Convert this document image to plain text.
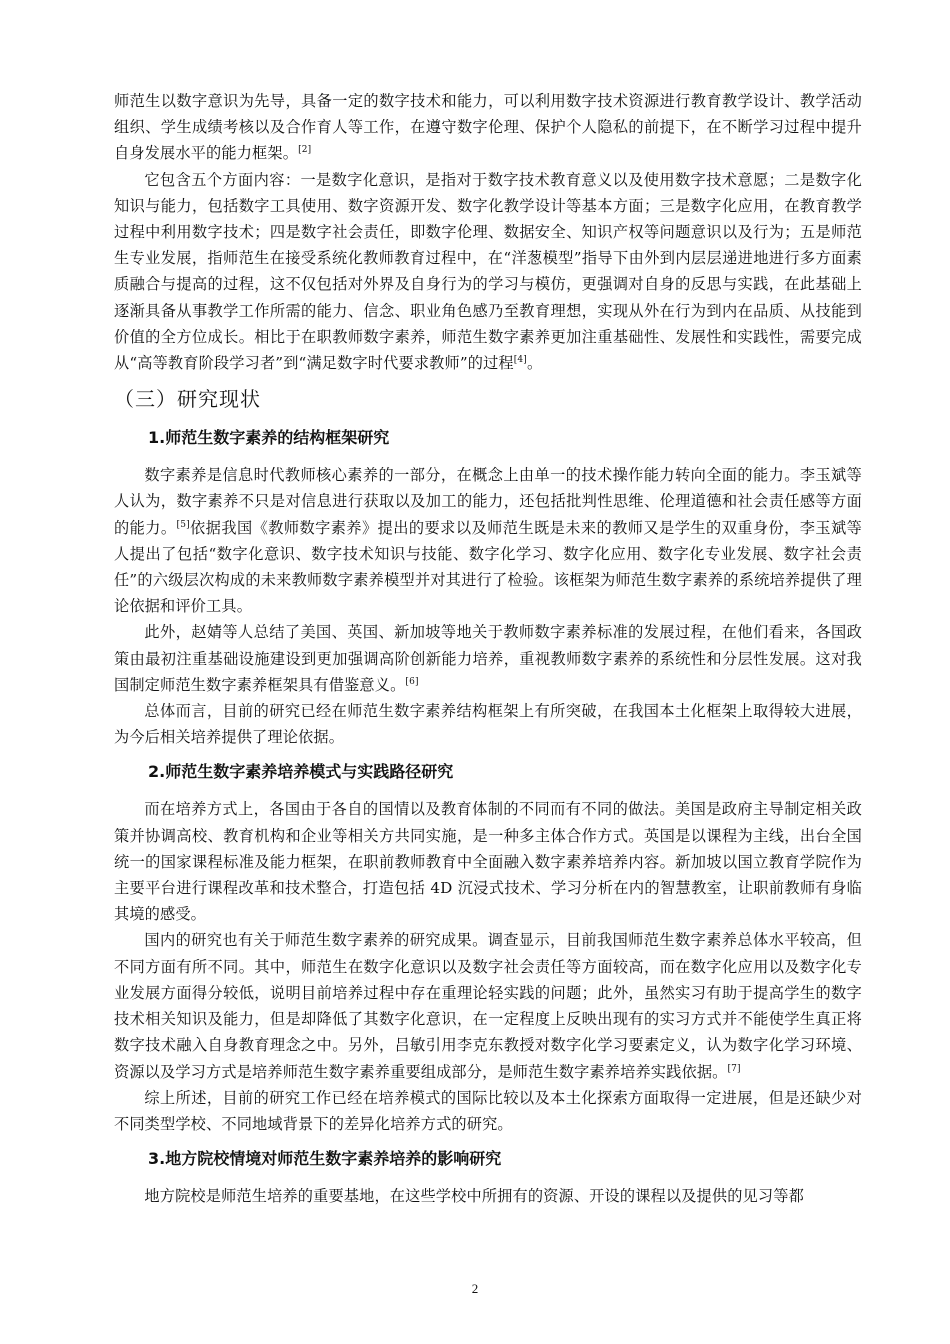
师范生以数字意识为先导，具备一定的数字技术和能力，可以利用数字技术资源进行教育教学设计、教学活动组织、学生成绩考核以及合作育人等工作，在遵守数字伦理、保护个人隐私的前提下，在不断学习过程中提升自身发展水平的能力框架。[2]

它包含五个方面内容：一是数字化意识，是指对于数字技术教育意义以及使用数字技术意愿；二是数字化知识与能力，包括数字工具使用、数字资源开发、数字化教学设计等基本方面；三是数字化应用，在教育教学过程中利用数字技术；四是数字社会责任，即数字伦理、数据安全、知识产权等问题意识以及行为；五是师范生专业发展，指师范生在接受系统化教师教育过程中，在“洋葱模型”指导下由外到内层层递进地进行多方面素质融合与提高的过程，这不仅包括对外界及自身行为的学习与模仿，更强调对自身的反思与实践，在此基础上逐渐具备从事教学工作所需的能力、信念、职业角色感乃至教育理想，实现从外在行为到内在品质、从技能到价值的全方位成长。相比于在职教师数字素养，师范生数字素养更加注重基础性、发展性和实践性，需要完成从“高等教育阶段学习者”到“满足数字时代要求教师”的过程[4]。

（三）研究现状
1.师范生数字素养的结构框架研究

数字素养是信息时代教师核心素养的一部分，在概念上由单一的技术操作能力转向全面的能力。李玉斌等人认为，数字素养不只是对信息进行获取以及加工的能力，还包括批判性思维、伦理道德和社会责任感等方面的能力。[5]依据我国《教师数字素养》提出的要求以及师范生既是未来的教师又是学生的双重身份，李玉斌等人提出了包括“数字化意识、数字技术知识与技能、数字化学习、数字化应用、数字化专业发展、数字社会责任”的六级层次构成的未来教师数字素养模型并对其进行了检验。该框架为师范生数字素养的系统培养提供了理论依据和评价工具。

此外，赵婧等人总结了美国、英国、新加坡等地关于教师数字素养标准的发展过程，在他们看来，各国政策由最初注重基础设施建设到更加强调高阶创新能力培养，重视教师数字素养的系统性和分层性发展。这对我国制定师范生数字素养框架具有借鉴意义。[6]

总体而言，目前的研究已经在师范生数字素养结构框架上有所突破，在我国本土化框架上取得较大进展，为今后相关培养提供了理论依据。

2.师范生数字素养培养模式与实践路径研究

而在培养方式上，各国由于各自的国情以及教育体制的不同而有不同的做法。美国是政府主导制定相关政策并协调高校、教育机构和企业等相关方共同实施，是一种多主体合作方式。英国是以课程为主线，出台全国统一的国家课程标准及能力框架，在职前教师教育中全面融入数字素养培养内容。新加坡以国立教育学院作为主要平台进行课程改革和技术整合，打造包括 4D 沉浸式技术、学习分析在内的智慧教室，让职前教师有身临其境的感受。

国内的研究也有关于师范生数字素养的研究成果。调查显示，目前我国师范生数字素养总体水平较高，但不同方面有所不同。其中，师范生在数字化意识以及数字社会责任等方面较高，而在数字化应用以及数字化专业发展方面得分较低，说明目前培养过程中存在重理论轻实践的问题；此外，虽然实习有助于提高学生的数字技术相关知识及能力，但是却降低了其数字化意识，在一定程度上反映出现有的实习方式并不能使学生真正将数字技术融入自身教育理念之中。另外，吕敏引用李克东教授对数字化学习要素定义，认为数字化学习环境、资源以及学习方式是培养师范生数字素养重要组成部分，是师范生数字素养培养实践依据。[7]

综上所述，目前的研究工作已经在培养模式的国际比较以及本土化探索方面取得一定进展，但是还缺少对不同类型学校、不同地域背景下的差异化培养方式的研究。

3.地方院校情境对师范生数字素养培养的影响研究

地方院校是师范生培养的重要基地，在这些学校中所拥有的资源、开设的课程以及提供的见习等都

2
